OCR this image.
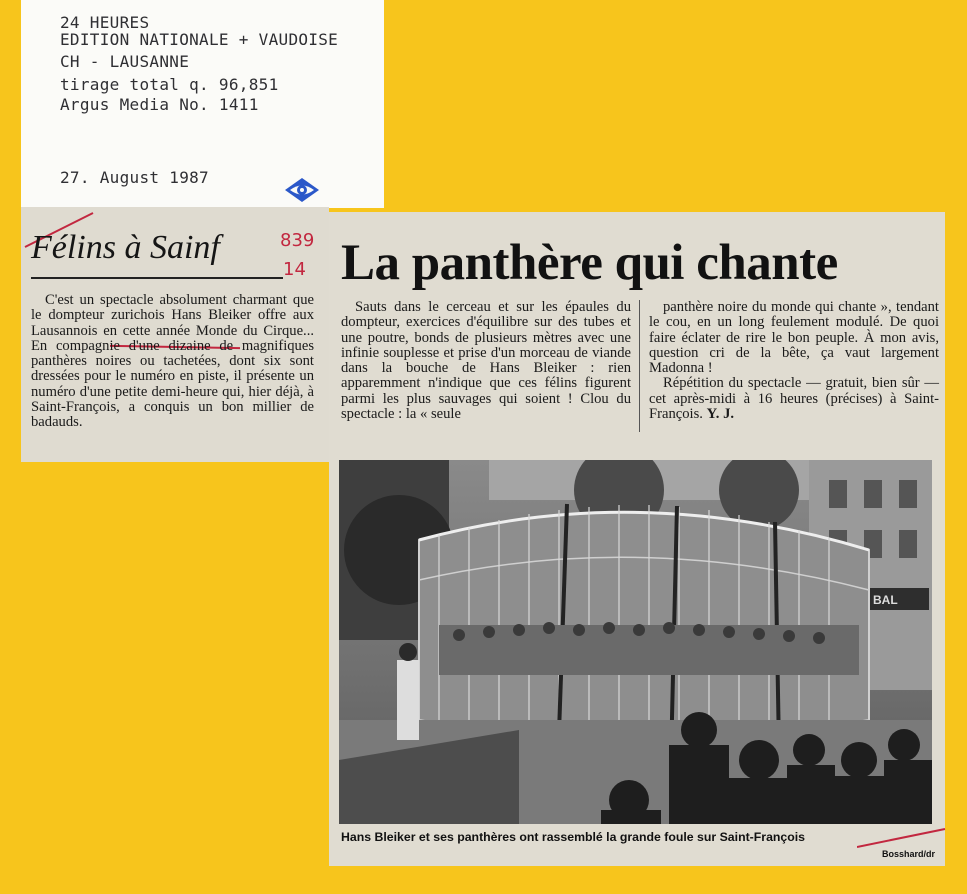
24 HEURES
EDITION NATIONALE + VAUDOISE
CH - LAUSANNE
tirage total q. 96,851
Argus Media No. 1411
27. August 1987
Félins à Sainf	839
14

C'est un spectacle absolument charmant que le dompteur zurichois Hans Bleiker offre aux Lausannois en cette année Monde du Cirque... En compagnie d'une dizaine de magnifiques panthères noires ou tachetées, dont six sont dressées pour le numéro en piste, il présente un numéro d'une petite demi-heure qui, hier déjà, à Saint-François, a conquis un bon millier de badauds.

La panthère qui chante

Sauts dans le cerceau et sur les épaules du dompteur, exercices d'équilibre sur des tubes et une poutre, bonds de plusieurs mètres avec une infinie souplesse et prise d'un morceau de viande dans la bouche de Hans Bleiker : rien apparemment n'indique que ces félins figurent parmi les plus sauvages qui soient ! Clou du spectacle : la « seule

panthère noire du monde qui chante », tendant le cou, en un long feulement modulé. De quoi faire éclater de rire le bon peuple. À mon avis, question cri de la bête, ça vaut largement Madonna !

Répétition du spectacle — gratuit, bien sûr — cet après-midi à 16 heures (précises) à Saint-François. Y. J.

BAL
Hans Bleiker et ses panthères ont rassemblé la grande foule sur Saint-François
Bosshard/dr
